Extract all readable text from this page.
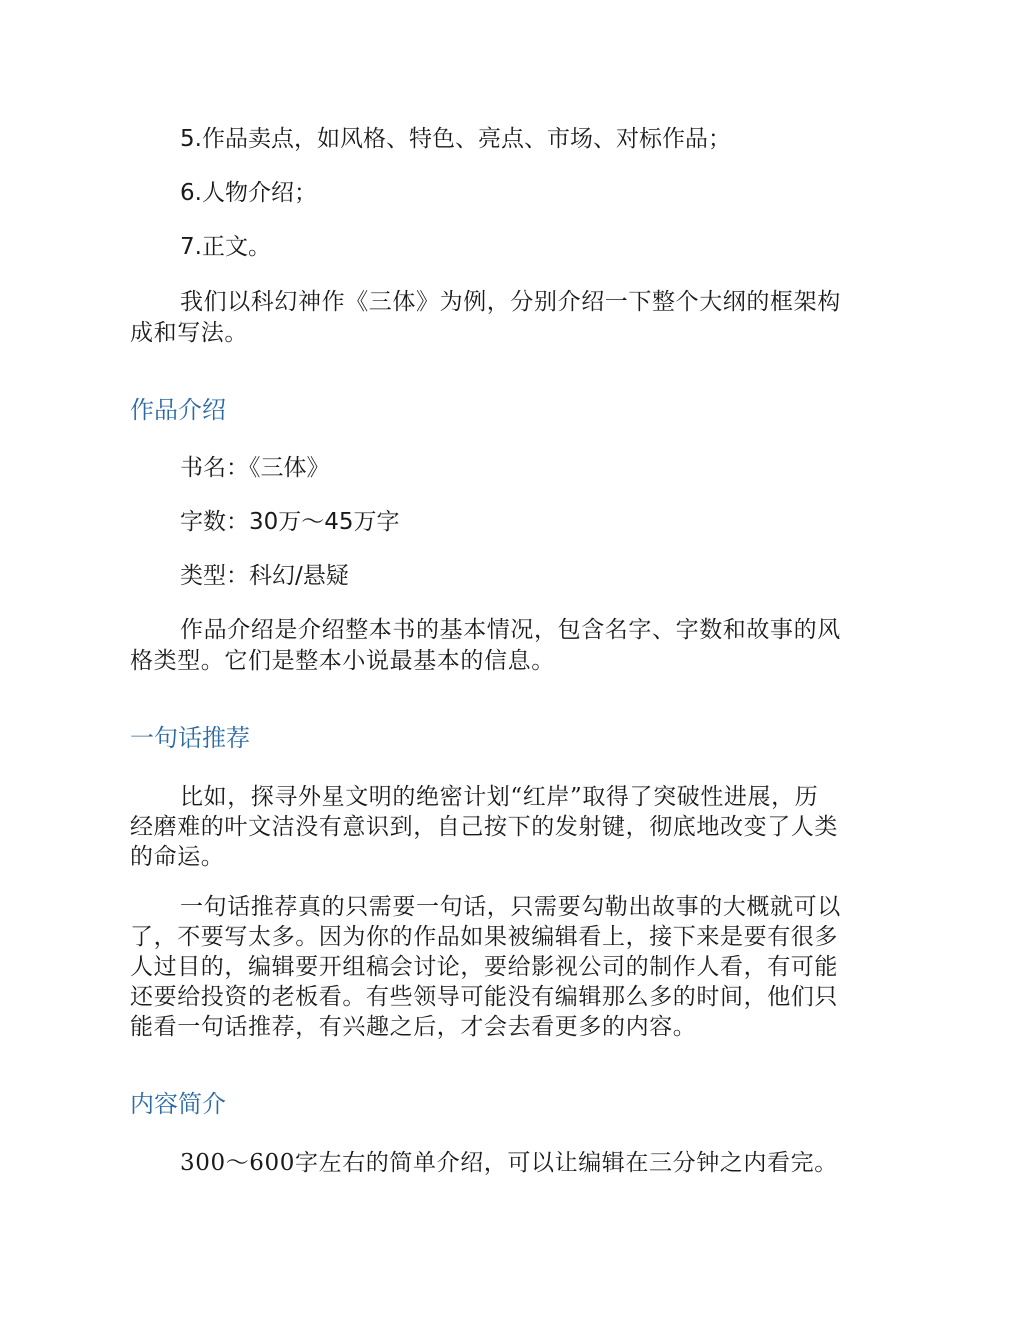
5.作品卖点，如风格、特色、亮点、市场、对标作品；

6.人物介绍；

7.正文。

我们以科幻神作《三体》为例，分别介绍一下整个大纲的框架构

成和写法。

作品介绍

书名：《三体》

字数：30万～45万字

类型：科幻/悬疑

作品介绍是介绍整本书的基本情况，包含名字、字数和故事的风

格类型。它们是整本小说最基本的信息。

一句话推荐

比如，探寻外星文明的绝密计划“红岸”取得了突破性进展，历

经磨难的叶文洁没有意识到，自己按下的发射键，彻底地改变了人类

的命运。

一句话推荐真的只需要一句话，只需要勾勒出故事的大概就可以

了，不要写太多。因为你的作品如果被编辑看上，接下来是要有很多

人过目的，编辑要开组稿会讨论，要给影视公司的制作人看，有可能

还要给投资的老板看。有些领导可能没有编辑那么多的时间，他们只

能看一句话推荐，有兴趣之后，才会去看更多的内容。

内容简介

300～600字左右的简单介绍，可以让编辑在三分钟之内看完。
